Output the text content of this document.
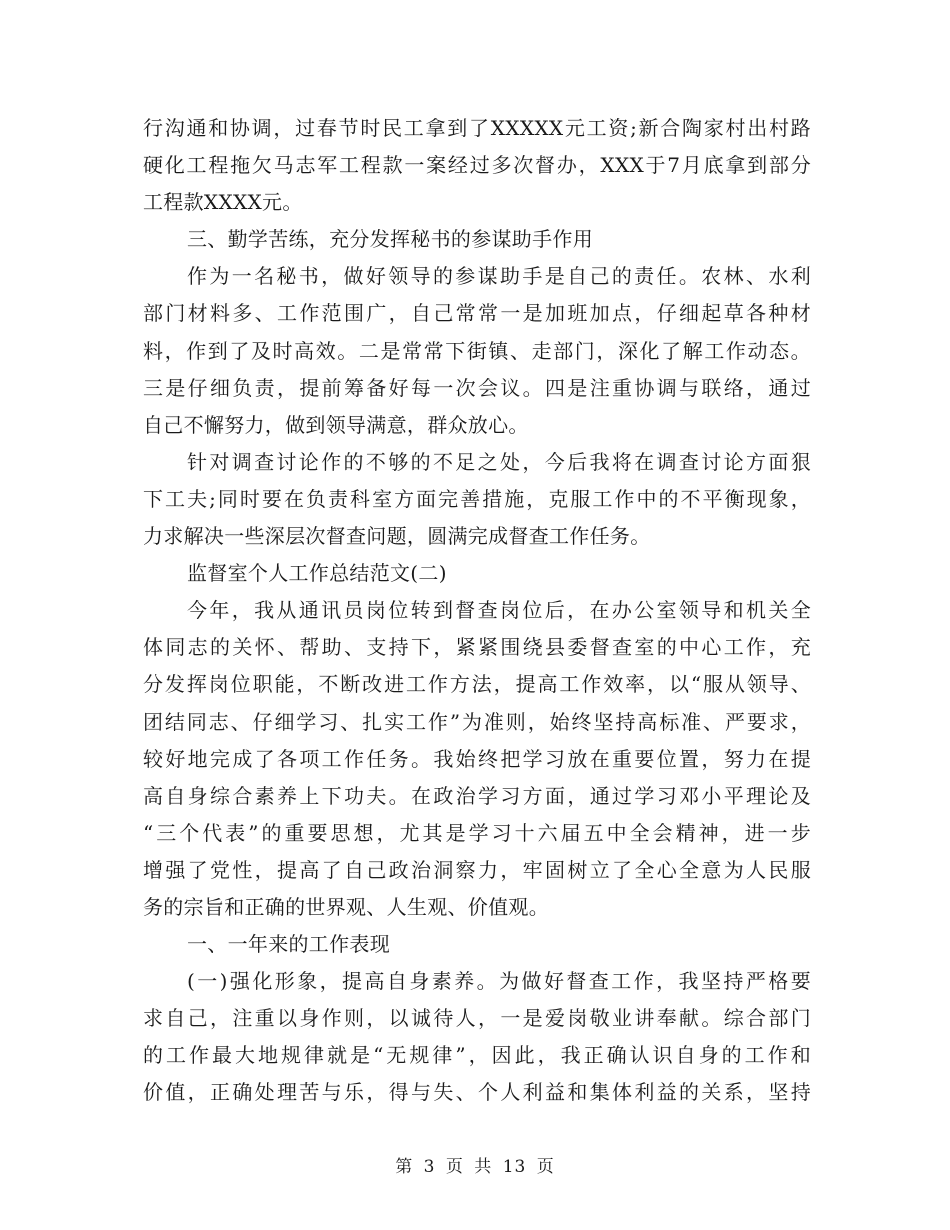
行沟通和协调，过春节时民工拿到了XXXXX元工资;新合陶家村出村路
硬化工程拖欠马志军工程款一案经过多次督办，XXX于7月底拿到部分
工程款XXXX元。
三、勤学苦练，充分发挥秘书的参谋助手作用
作为一名秘书，做好领导的参谋助手是自己的责任。农林、水利
部门材料多、工作范围广，自己常常一是加班加点，仔细起草各种材
料，作到了及时高效。二是常常下街镇、走部门，深化了解工作动态。
三是仔细负责，提前筹备好每一次会议。四是注重协调与联络，通过
自己不懈努力，做到领导满意，群众放心。
针对调查讨论作的不够的不足之处，今后我将在调查讨论方面狠
下工夫;同时要在负责科室方面完善措施，克服工作中的不平衡现象，
力求解决一些深层次督查问题，圆满完成督查工作任务。
监督室个人工作总结范文(二)
今年，我从通讯员岗位转到督查岗位后，在办公室领导和机关全
体同志的关怀、帮助、支持下，紧紧围绕县委督查室的中心工作，充
分发挥岗位职能，不断改进工作方法，提高工作效率，以“服从领导、
团结同志、仔细学习、扎实工作”为准则，始终坚持高标准、严要求，
较好地完成了各项工作任务。我始终把学习放在重要位置，努力在提
高自身综合素养上下功夫。在政治学习方面，通过学习邓小平理论及
“三个代表”的重要思想，尤其是学习十六届五中全会精神，进一步
增强了党性，提高了自己政治洞察力，牢固树立了全心全意为人民服
务的宗旨和正确的世界观、人生观、价值观。
一、一年来的工作表现
(一)强化形象，提高自身素养。为做好督查工作，我坚持严格要
求自己，注重以身作则，以诚待人，一是爱岗敬业讲奉献。综合部门
的工作最大地规律就是“无规律”，因此，我正确认识自身的工作和
价值，正确处理苦与乐，得与失、个人利益和集体利益的关系，坚持
第 3 页 共 13 页
